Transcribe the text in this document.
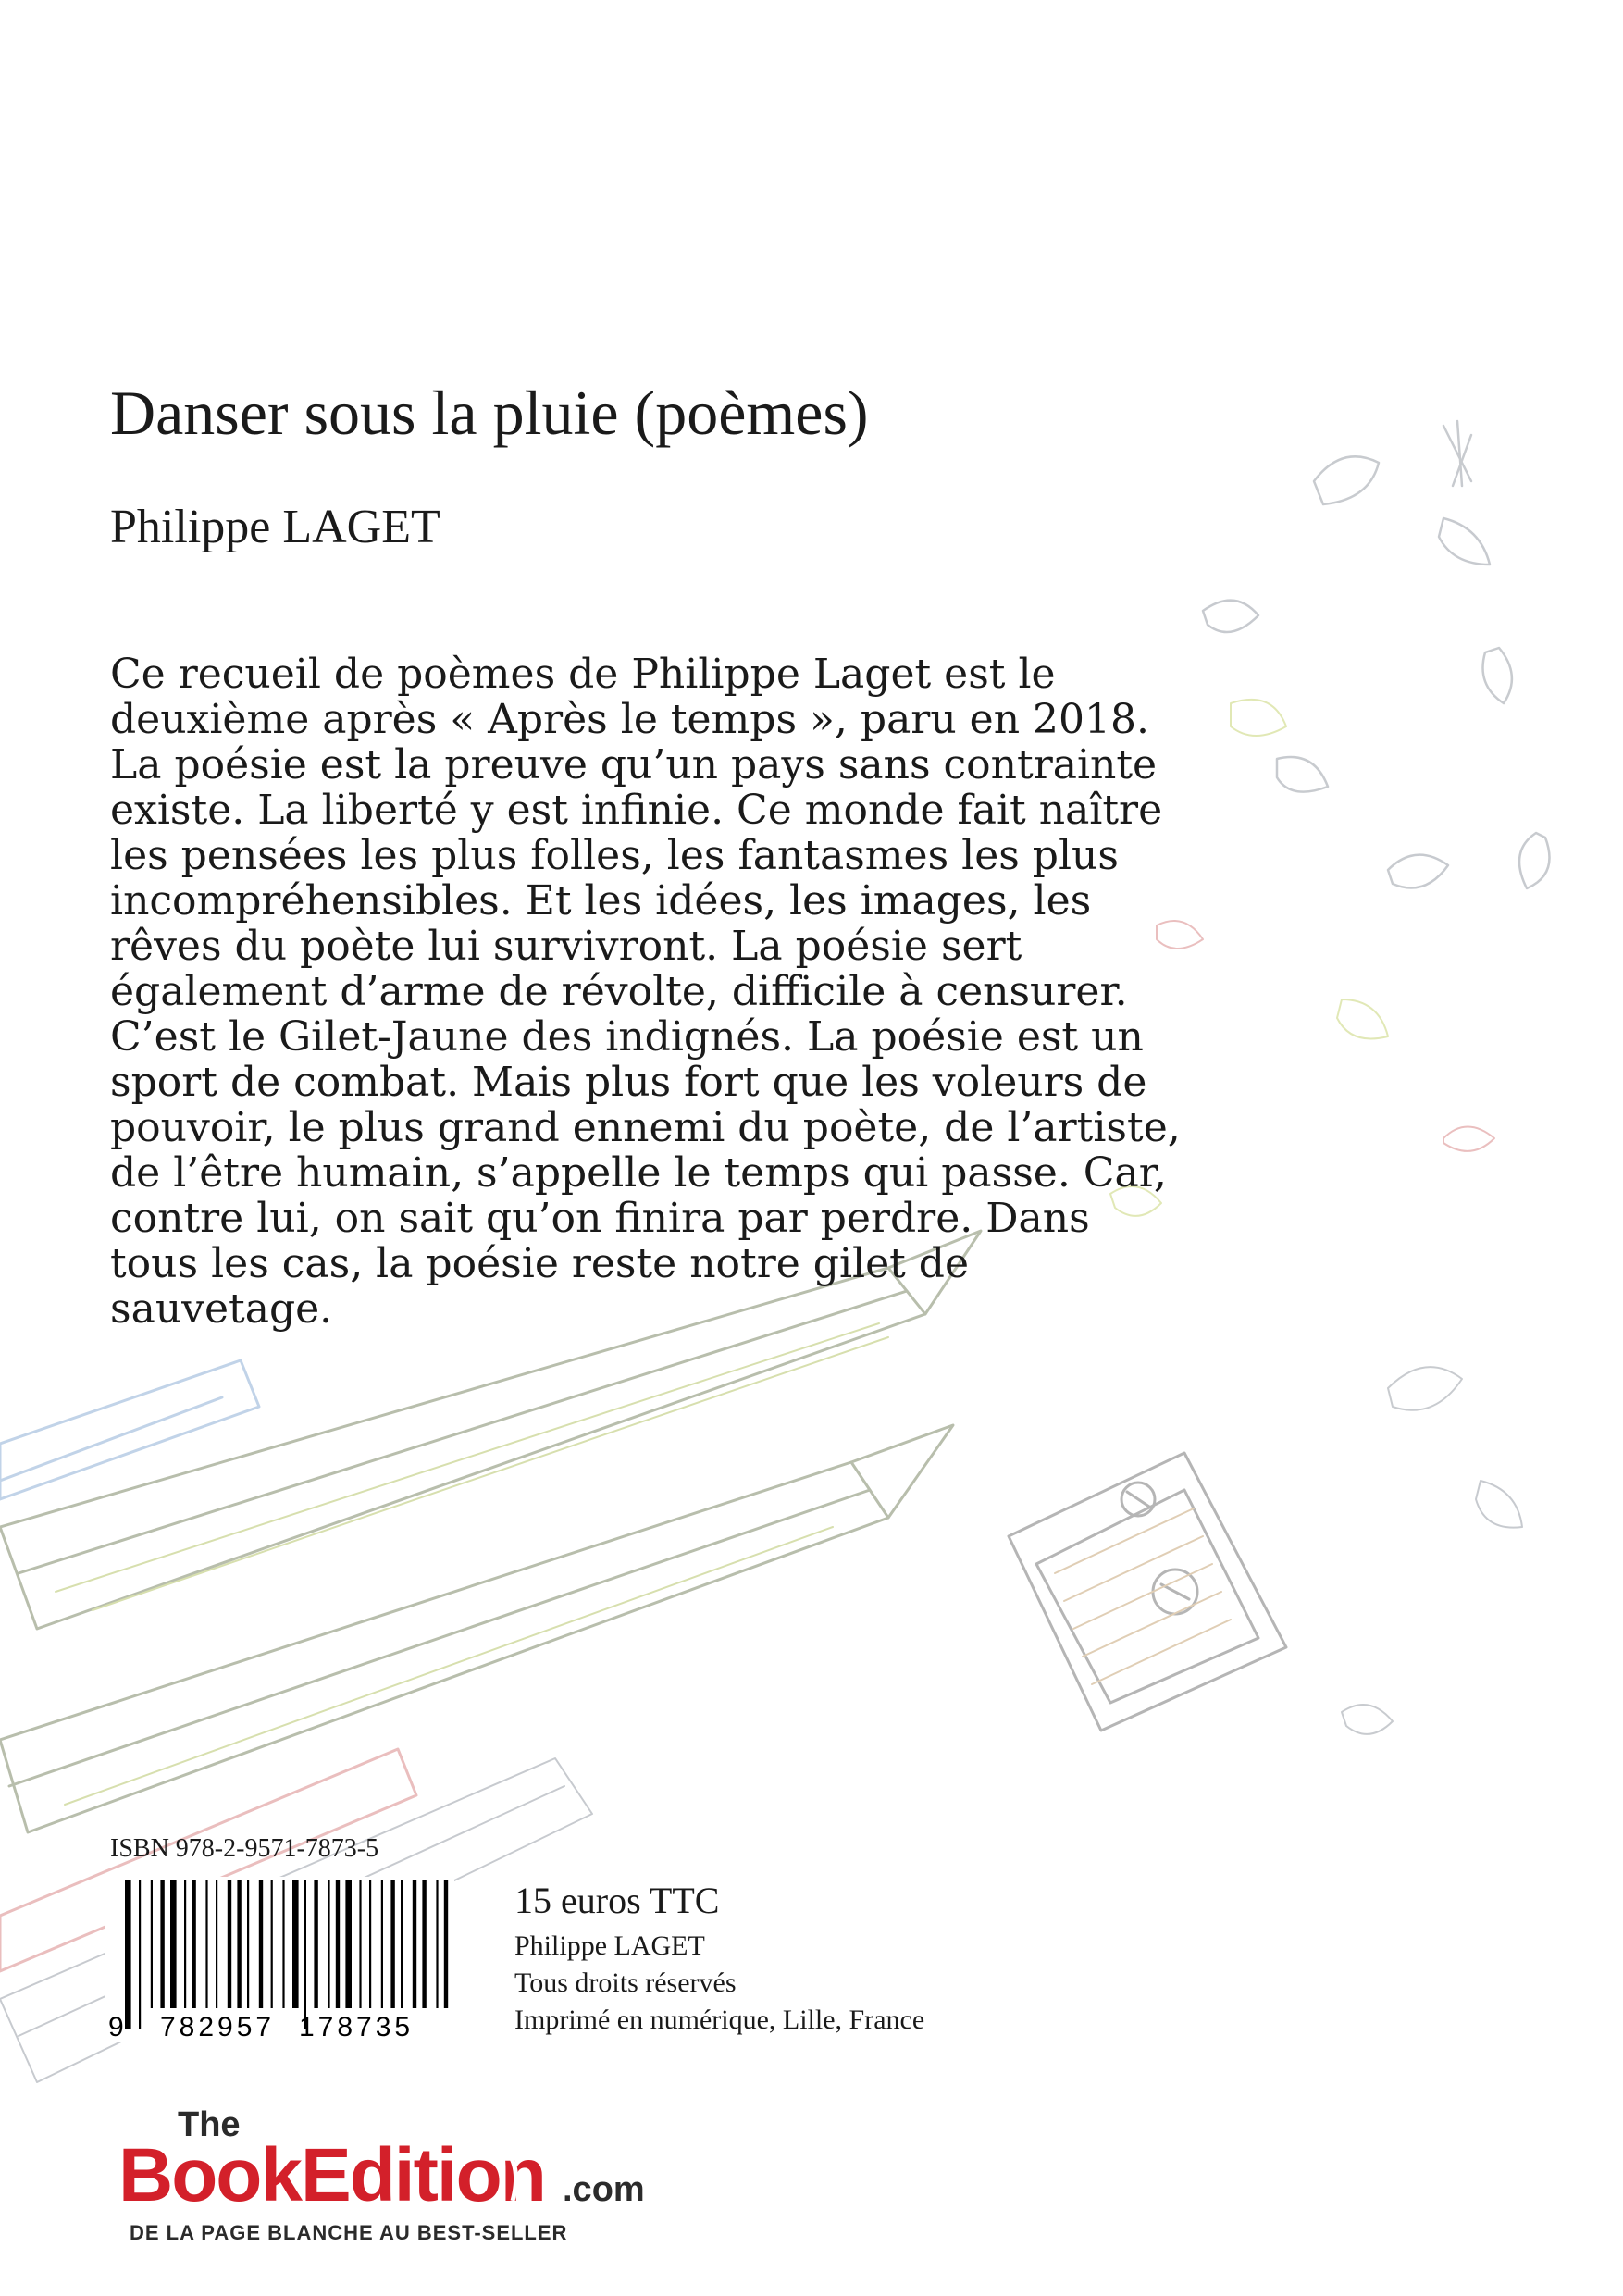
Danser sous la pluie (poèmes)
Philippe LAGET
Ce recueil de poèmes de Philippe Laget est le deuxième après « Après le temps », paru en 2018. La poésie est la preuve qu’un pays sans contrainte existe. La liberté y est infinie. Ce monde fait naître les pensées les plus folles, les fantasmes les plus incompréhensibles. Et les idées, les images, les rêves du poète lui survivront. La poésie sert également d’arme de révolte, difficile à censurer. C’est le Gilet-Jaune des indignés. La poésie est un sport de combat. Mais plus fort que les voleurs de pouvoir, le plus grand ennemi du poète, de l’artiste, de l’être humain, s’appelle le temps qui passe. Car, contre lui, on sait qu’on finira par perdre. Dans tous les cas, la poésie reste notre gilet de sauvetage.
ISBN 978-2-9571-7873-5
9 782957 178735
15 euros TTC
Philippe LAGET
Tous droits réservés
Imprimé en numérique, Lille, France
The
BookEdition .com
DE LA PAGE BLANCHE AU BEST-SELLER
